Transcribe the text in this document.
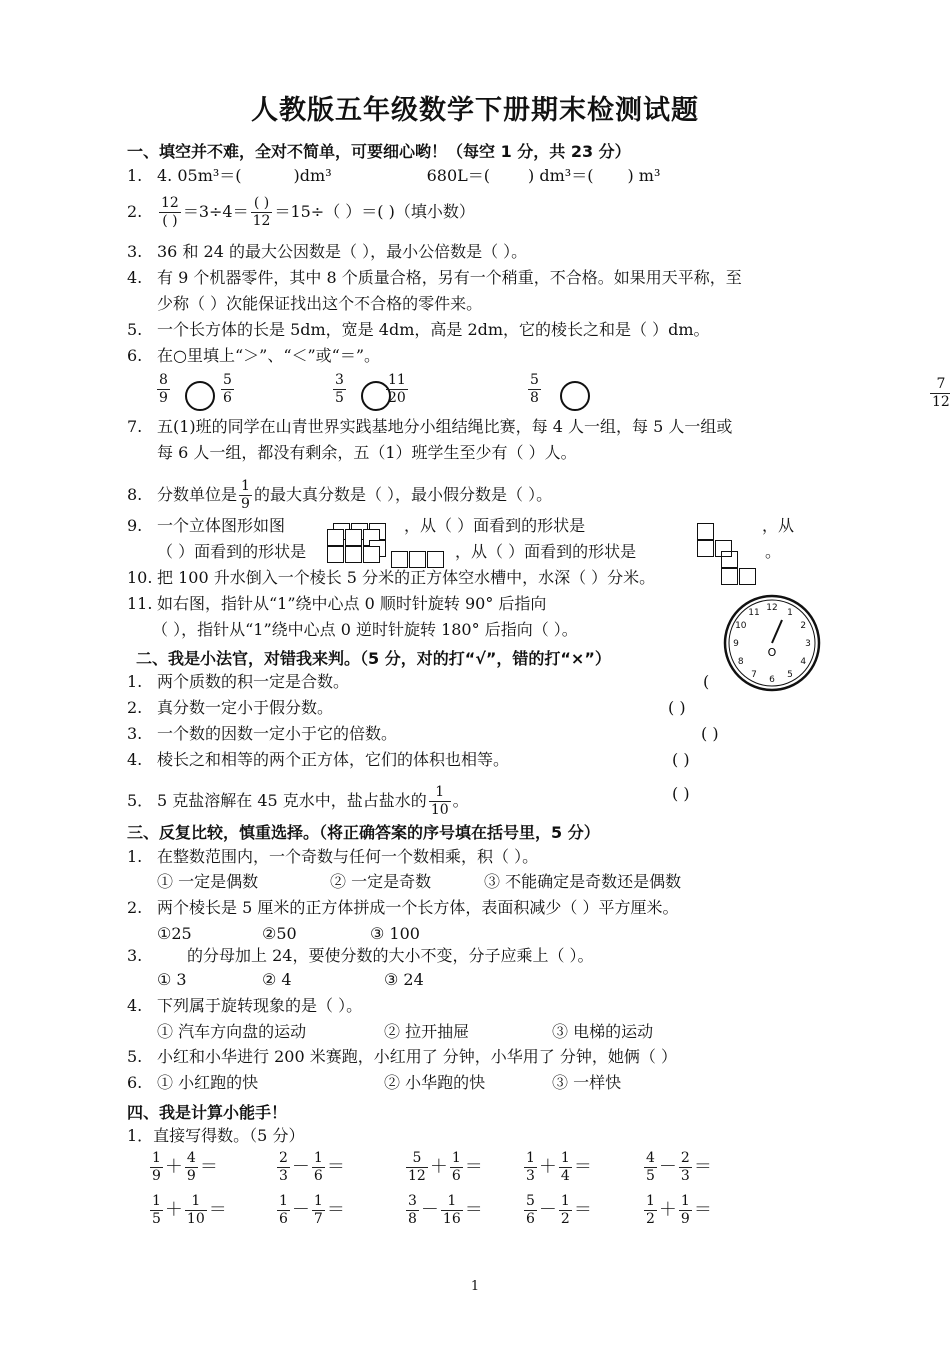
人教版五年级数学下册期末检测试题
一、填空并不难，全对不简单，可要细心哟！（每空 1 分，共 23 分）
1. 4. 05m³＝(	)dm³	680L＝( ) dm³＝( ) m³
2. $\frac{12}{( )} =3\div 4= \frac{( )}{12} =15\div$（ ）＝( )（填小数）
3. 36 和 24 的最大公因数是（ ），最小公倍数是（ ）。
4. 有 9 个机器零件，其中 8 个质量合格，另有一个稍重，不合格。如果用天平称，至
少称（ ）次能保证找出这个不合格的零件来。
5. 一个长方体的长是 5dm，宽是 4dm，高是 2dm，它的棱长之和是（ ）dm。
6. 在○里填上“＞”、“＜”或“＝”。
$\frac{8}{9}$	$\frac{5}{6}$	$\frac{3}{5}$	$\frac{11}{20}$	$\frac{5}{8}$	$\frac{7}{12}$
7. 五(1)班的同学在山青世界实践基地分小组结绳比赛，每 4 人一组，每 5 人一组或
每 6 人一组，都没有剩余，五（1）班学生至少有（ ）人。
8. 分数单位是 $\frac{1}{9}$ 的最大真分数是（ ），最小假分数是（ ）。
9. 一个立体图形如图	，从（ ）面看到的形状是	，从
（ ）面看到的形状是	，从（ ）面看到的形状是	。
10. 把 100 升水倒入一个棱长 5 分米的正方体空水槽中，水深（ ）分米。
11. 如右图，指针从“1”绕中心点 0 顺时针旋转 90° 后指向
（ ），指针从“1”绕中心点 0 逆时针旋转 180° 后指向（ ）。
12 1
2
3
4
5
6
7
8
9
10
11
O
二、我是小法官，对错我来判。（5 分，对的打“√”，错的打“×”）
1. 两个质数的积一定是合数。	(
2. 真分数一定小于假分数。	( )
3. 一个数的因数一定小于它的倍数。	( )
4. 棱长之和相等的两个正方体，它们的体积也相等。	( )
5． 5 克盐溶解在 45 克水中，盐占盐水的 $\frac{1}{10}$ 。	( )
三、反复比较，慎重选择。（将正确答案的序号填在括号里，5 分）
1. 在整数范围内，一个奇数与任何一个数相乘，积（ ）。
① 一定是偶数	② 一定是奇数	③ 不能确定是奇数还是偶数
2. 两个棱长是 5 厘米的正方体拼成一个长方体，表面积减少（ ）平方厘米。
①25	②50	③ 100
3.	的分母加上 24，要使分数的大小不变，分子应乘上（ ）。
① 3	② 4	③ 24
4. 下列属于旋转现象的是（ ）。
① 汽车方向盘的运动	② 拉开抽屉	③ 电梯的运动
5. 小红和小华进行 200 米赛跑，小红用了 分钟，小华用了 分钟，她俩（ ）
6. ① 小红跑的快	② 小华跑的快	③ 一样快
四、我是计算小能手！
1．直接写得数。（5 分）
$\frac{1}{9} + \frac{4}{9}$ ＝	$\frac{2}{3} - \frac{1}{6}$ ＝	$\frac{5}{12} + \frac{1}{6}$ ＝	$\frac{1}{3} + \frac{1}{4}$ ＝	$\frac{4}{5} - \frac{2}{3}$ ＝
$\frac{1}{5} + \frac{1}{10}$ ＝	$\frac{1}{6} - \frac{1}{7}$ ＝	$\frac{3}{8} - \frac{1}{16}$ ＝	$\frac{5}{6} - \frac{1}{2}$ ＝	$\frac{1}{2} + \frac{1}{9}$ ＝
1
